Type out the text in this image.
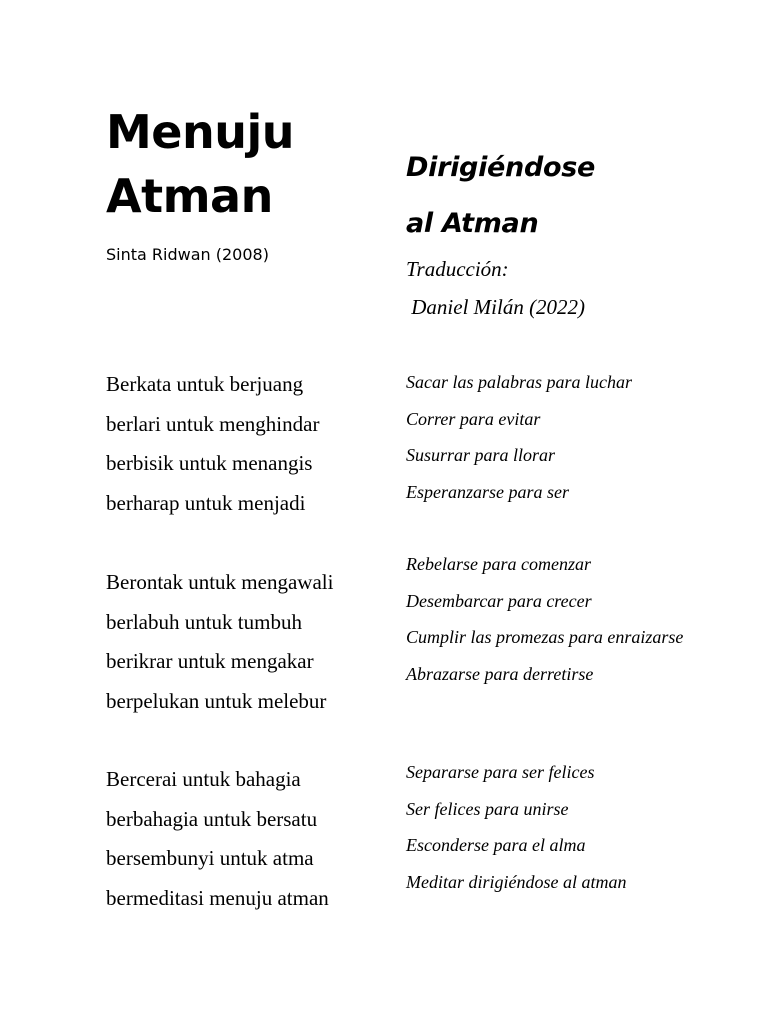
Menuju
Atman

Sinta Ridwan (2008)

Dirigiéndose
al Atman

Traducción:
Daniel Milán (2022)

Berkata untuk berjuang
berlari untuk menghindar
berbisik untuk menangis
berharap untuk menjadi
Berontak untuk mengawali
berlabuh untuk tumbuh
berikrar untuk mengakar
berpelukan untuk melebur
Bercerai untuk bahagia
berbahagia untuk bersatu
bersembunyi untuk atma
bermeditasi menuju atman
Sacar las palabras para luchar
Correr para evitar
Susurrar para llorar
Esperanzarse para ser
Rebelarse para comenzar
Desembarcar para crecer
Cumplir las promezas para enraizarse
Abrazarse para derretirse
Separarse para ser felices
Ser felices para unirse
Esconderse para el alma
Meditar dirigiéndose al atman
